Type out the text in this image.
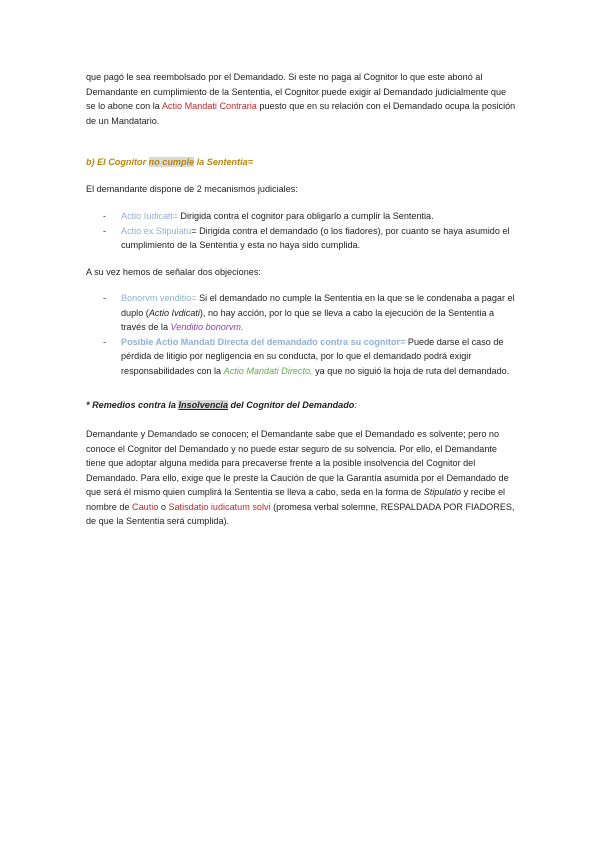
que pagó le sea reembolsado por el Demandado. Si este no paga al Cognitor lo que este abonó al Demandante en cumplimiento de la Sententia, el Cognitor puede exigir al Demandado judicialmente que se lo abone con la Actio Mandati Contraria puesto que en su relación con el Demandado ocupa la posición de un Mandatario.

b) El Cognitor no cumple la Sententia=

El demandante dispone de 2 mecanismos judiciales:

- Actio Iudicati= Dirigida contra el cognitor para obligarlo a cumplir la Sententia.
- Actio ex Stipulatu= Dirigida contra el demandado (o los fiadores), por cuanto se haya asumido el cumplimiento de la Sententia y esta no haya sido cumplida.

A su vez hemos de señalar dos objeciones:

- Bonorvm venditio= Si el demandado no cumple la Sententia en la que se le condenaba a pagar el duplo (Actio Ivdicati), no hay acción, por lo que se lleva a cabo la ejecución de la Sententia a través de la Venditio bonorvm.
- Posible Actio Mandati Directa del demandado contra su cognitor= Puede darse el caso de pérdida de litigio por negligencia en su conducta, por lo que el demandado podrá exigir responsabilidades con la Actio Mandati Directo, ya que no siguió la hoja de ruta del demandado.

* Remedios contra la Insolvencia del Cognitor del Demandado:

Demandante y Demandado se conocen; el Demandante sabe que el Demandado es solvente; pero no conoce el Cognitor del Demandado y no puede estar seguro de su solvencia. Por ello, el Demandante tiene que adoptar alguna medida para precaverse frente a la posible insolvencia del Cognitor del Demandado. Para ello, exige que le preste la Caución de que la Garantía asumida por el Demandado de que será él mismo quien cumplirá la Sententia se lleva a cabo, seda en la forma de Stipulatio y recibe el nombre de Cautio o Satisdatio iudicatum solvi (promesa verbal solemne, RESPALDADA POR FIADORES, de que la Sententia será cumplida).
